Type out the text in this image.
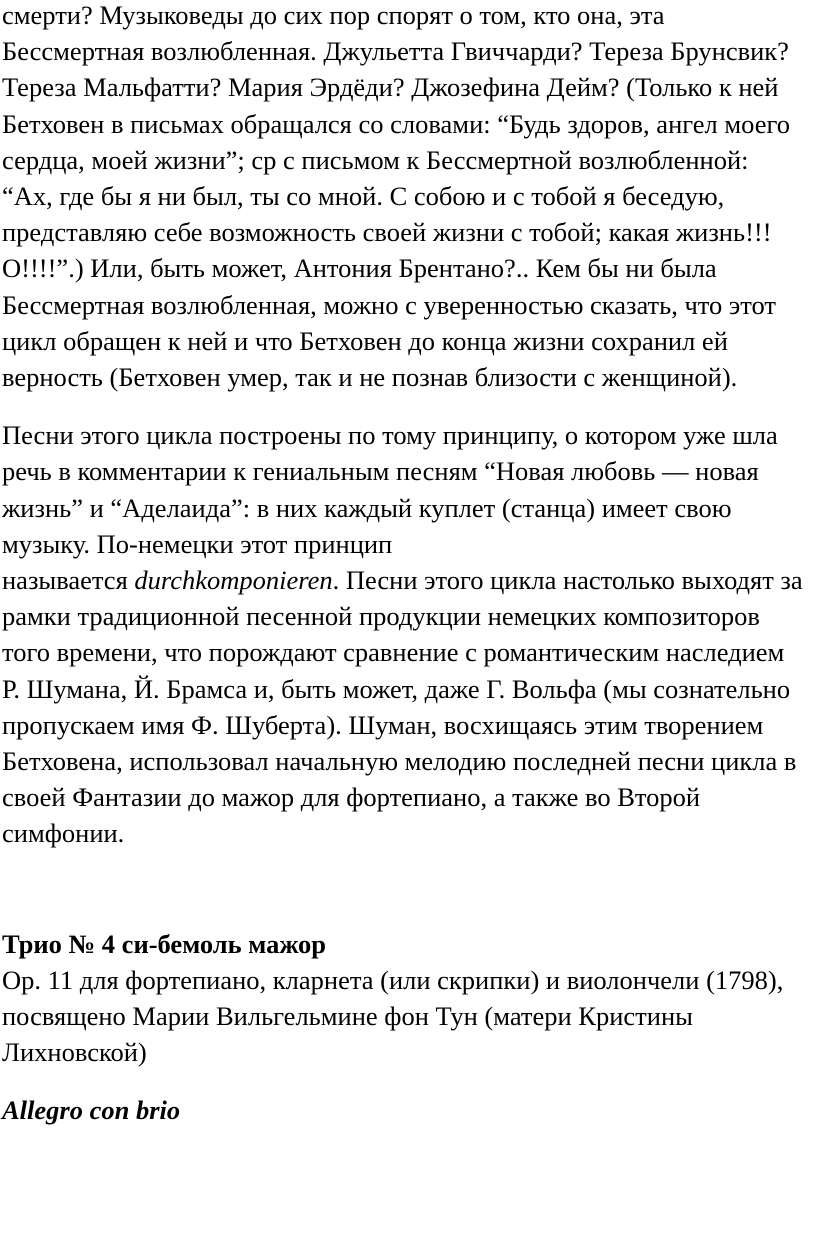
смерти? Музыковеды до сих пор спорят о том, кто она, эта Бессмертная возлюбленная. Джульетта Гвиччарди? Тереза Брунсвик? Тереза Мальфатти? Мария Эрдёди? Джозефина Дейм? (Только к ней Бетховен в письмах обращался со словами: “Будь здоров, ангел моего сердца, моей жизни”; ср с письмом к Бессмертной возлюбленной: “Ах, где бы я ни был, ты со мной. С собою и с тобой я беседую, представляю себе возможность своей жизни с тобой; какая жизнь!!! О!!!!”.) Или, быть может, Антония Брентано?.. Кем бы ни была Бессмертная возлюбленная, можно с уверенностью сказать, что этот цикл обращен к ней и что Бетховен до конца жизни сохранил ей верность (Бетховен умер, так и не познав близости с женщиной).

Песни этого цикла построены по тому принципу, о котором уже шла речь в комментарии к гениальным песням “Новая любовь — новая жизнь” и “Аделаида”: в них каждый куплет (станца) имеет свою музыку. По-немецки этот принцип
называется durchkomponieren. Песни этого цикла настолько выходят за рамки традиционной песенной продукции немецких композиторов того времени, что порождают сравнение с романтическим наследием Р. Шумана, Й. Брамса и, быть может, даже Г. Вольфа (мы сознательно пропускаем имя Ф. Шуберта). Шуман, восхищаясь этим творением Бетховена, использовал начальную мелодию последней песни цикла в своей Фантазии до мажор для фортепиано, а также во Второй симфонии.

Трио № 4 си-бемоль мажор

Ор. 11 для фортепиано, кларнета (или скрипки) и виолончели (1798),

посвящено Марии Вильгельмине фон Тун (матери Кристины Лихновской)

Allegro con brio
